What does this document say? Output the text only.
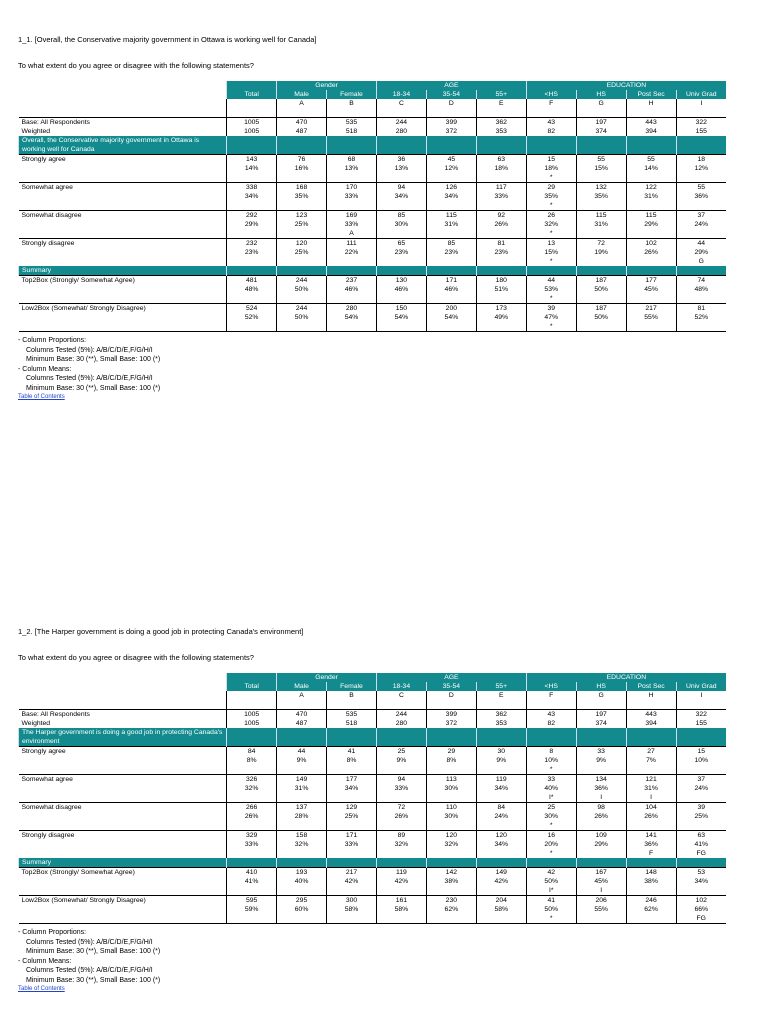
1_1. [Overall, the Conservative majority government in Ottawa is working well for Canada]
To what extent do you agree or disagree with the following statements?
		Gender		AGE			EDUCATION			
	Total	Male	Female	18-34	35-54	55+	<HS	HS	Post Sec	Univ Grad
		A	B	C	D	E	F	G	H	I

Base: All Respondents	1005	470	535	244	399	362	43	197	443	322
Weighted	1005	487	518	280	372	353	82	374	394	155
Overall, the Conservative majority government in Ottawa is working well for Canada										
Strongly agree	143	76	68	36	45	63	15	55	55	18
	14%	16%	13%	13%	12%	18%	18%	15%	14%	12%
							*			
Somewhat agree	338	168	170	94	126	117	29	132	122	55
	34%	35%	33%	34%	34%	33%	35%	35%	31%	36%
							*			
Somewhat disagree	292	123	169	85	115	92	26	115	115	37
	29%	25%	33%	30%	31%	26%	32%	31%	29%	24%
			A				*			
Strongly disagree	232	120	111	65	85	81	13	72	102	44
	23%	25%	22%	23%	23%	23%	15%	19%	26%	29%
							*			G
Summary										
Top2Box (Strongly/ Somewhat Agree)	481	244	237	130	171	180	44	187	177	74
	48%	50%	46%	46%	46%	51%	53%	50%	45%	48%
							*			
Low2Box (Somewhat/ Strongly Disagree)	524	244	280	150	200	173	39	187	217	81
	52%	50%	54%	54%	54%	49%	47%	50%	55%	52%
							*			
- Column Proportions:
Columns Tested (5%): A/B/C/D/E,F/G/H/I
Minimum Base: 30 (**), Small Base: 100 (*)
- Column Means:
Columns Tested (5%): A/B/C/D/E,F/G/H/I
Minimum Base: 30 (**), Small Base: 100 (*)
Table of Contents
1_2. [The Harper government is doing a good job in protecting Canada's environment]
To what extent do you agree or disagree with the following statements?
		Gender		AGE			EDUCATION			
	Total	Male	Female	18-34	35-54	55+	<HS	HS	Post Sec	Univ Grad
		A	B	C	D	E	F	G	H	I

Base: All Respondents	1005	470	535	244	399	362	43	197	443	322
Weighted	1005	487	518	280	372	353	82	374	394	155
The Harper government is doing a good job in protecting Canada's environment										
Strongly agree	84	44	41	25	29	30	8	33	27	15
	8%	9%	8%	9%	8%	9%	10%	9%	7%	10%
							*			
Somewhat agree	326	149	177	94	113	119	33	134	121	37
	32%	31%	34%	33%	30%	34%	40%	36%	31%	24%
							I*	I	I	
Somewhat disagree	266	137	129	72	110	84	25	98	104	39
	26%	28%	25%	26%	30%	24%	30%	26%	26%	25%
							*			
Strongly disagree	329	158	171	89	120	120	16	109	141	63
	33%	32%	33%	32%	32%	34%	20%	29%	36%	41%
							*		F	FG
Summary										
Top2Box (Strongly/ Somewhat Agree)	410	193	217	119	142	149	42	167	148	53
	41%	40%	42%	42%	38%	42%	50%	45%	38%	34%
							I*	I		
Low2Box (Somewhat/ Strongly Disagree)	595	295	300	161	230	204	41	206	246	102
	59%	60%	58%	58%	62%	58%	50%	55%	62%	66%
							*			FG
- Column Proportions:
Columns Tested (5%): A/B/C/D/E,F/G/H/I
Minimum Base: 30 (**), Small Base: 100 (*)
- Column Means:
Columns Tested (5%): A/B/C/D/E,F/G/H/I
Minimum Base: 30 (**), Small Base: 100 (*)
Table of Contents
